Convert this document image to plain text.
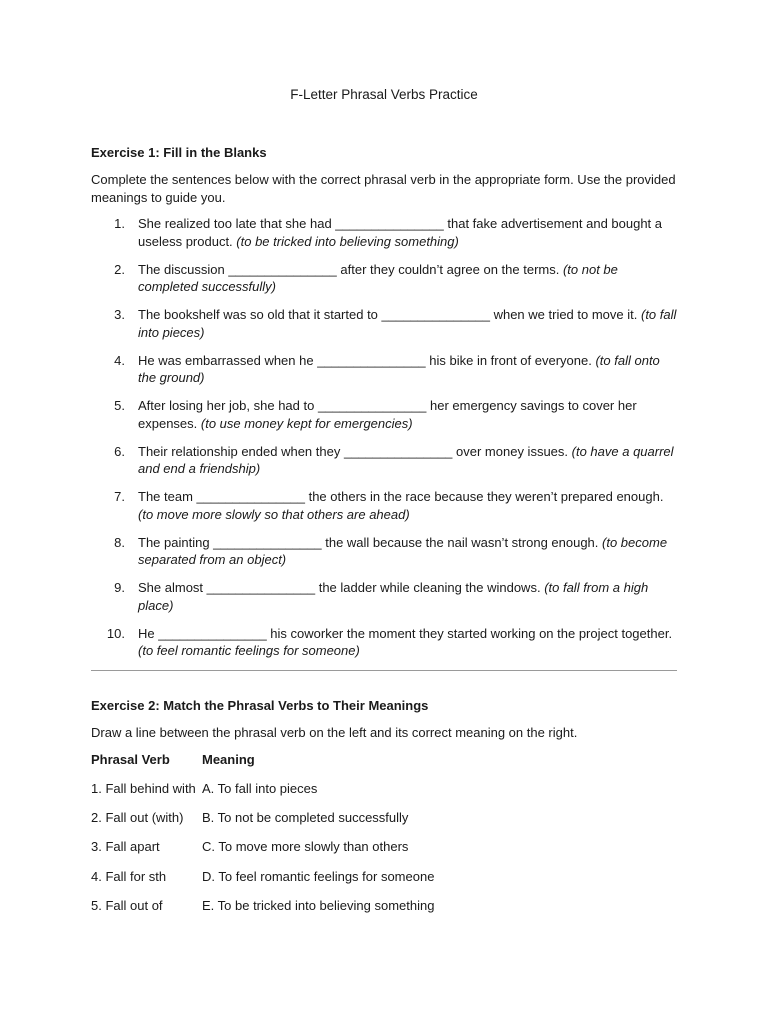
F-Letter Phrasal Verbs Practice

Exercise 1: Fill in the Blanks

Complete the sentences below with the correct phrasal verb in the appropriate form. Use the provided meanings to guide you.

1. She realized too late that she had _______________ that fake advertisement and bought a useless product. (to be tricked into believing something)
2. The discussion _______________ after they couldn’t agree on the terms. (to not be completed successfully)
3. The bookshelf was so old that it started to _______________ when we tried to move it. (to fall into pieces)
4. He was embarrassed when he _______________ his bike in front of everyone. (to fall onto the ground)
5. After losing her job, she had to _______________ her emergency savings to cover her expenses. (to use money kept for emergencies)
6. Their relationship ended when they _______________ over money issues. (to have a quarrel and end a friendship)
7. The team _______________ the others in the race because they weren’t prepared enough. (to move more slowly so that others are ahead)
8. The painting _______________ the wall because the nail wasn’t strong enough. (to become separated from an object)
9. She almost _______________ the ladder while cleaning the windows. (to fall from a high place)
10. He _______________ his coworker the moment they started working on the project together. (to feel romantic feelings for someone)

Exercise 2: Match the Phrasal Verbs to Their Meanings

Draw a line between the phrasal verb on the left and its correct meaning on the right.

Phrasal Verb	Meaning
1. Fall behind with	A. To fall into pieces
2. Fall out (with)	B. To not be completed successfully
3. Fall apart	C. To move more slowly than others
4. Fall for sth	D. To feel romantic feelings for someone
5. Fall out of	E. To be tricked into believing something
